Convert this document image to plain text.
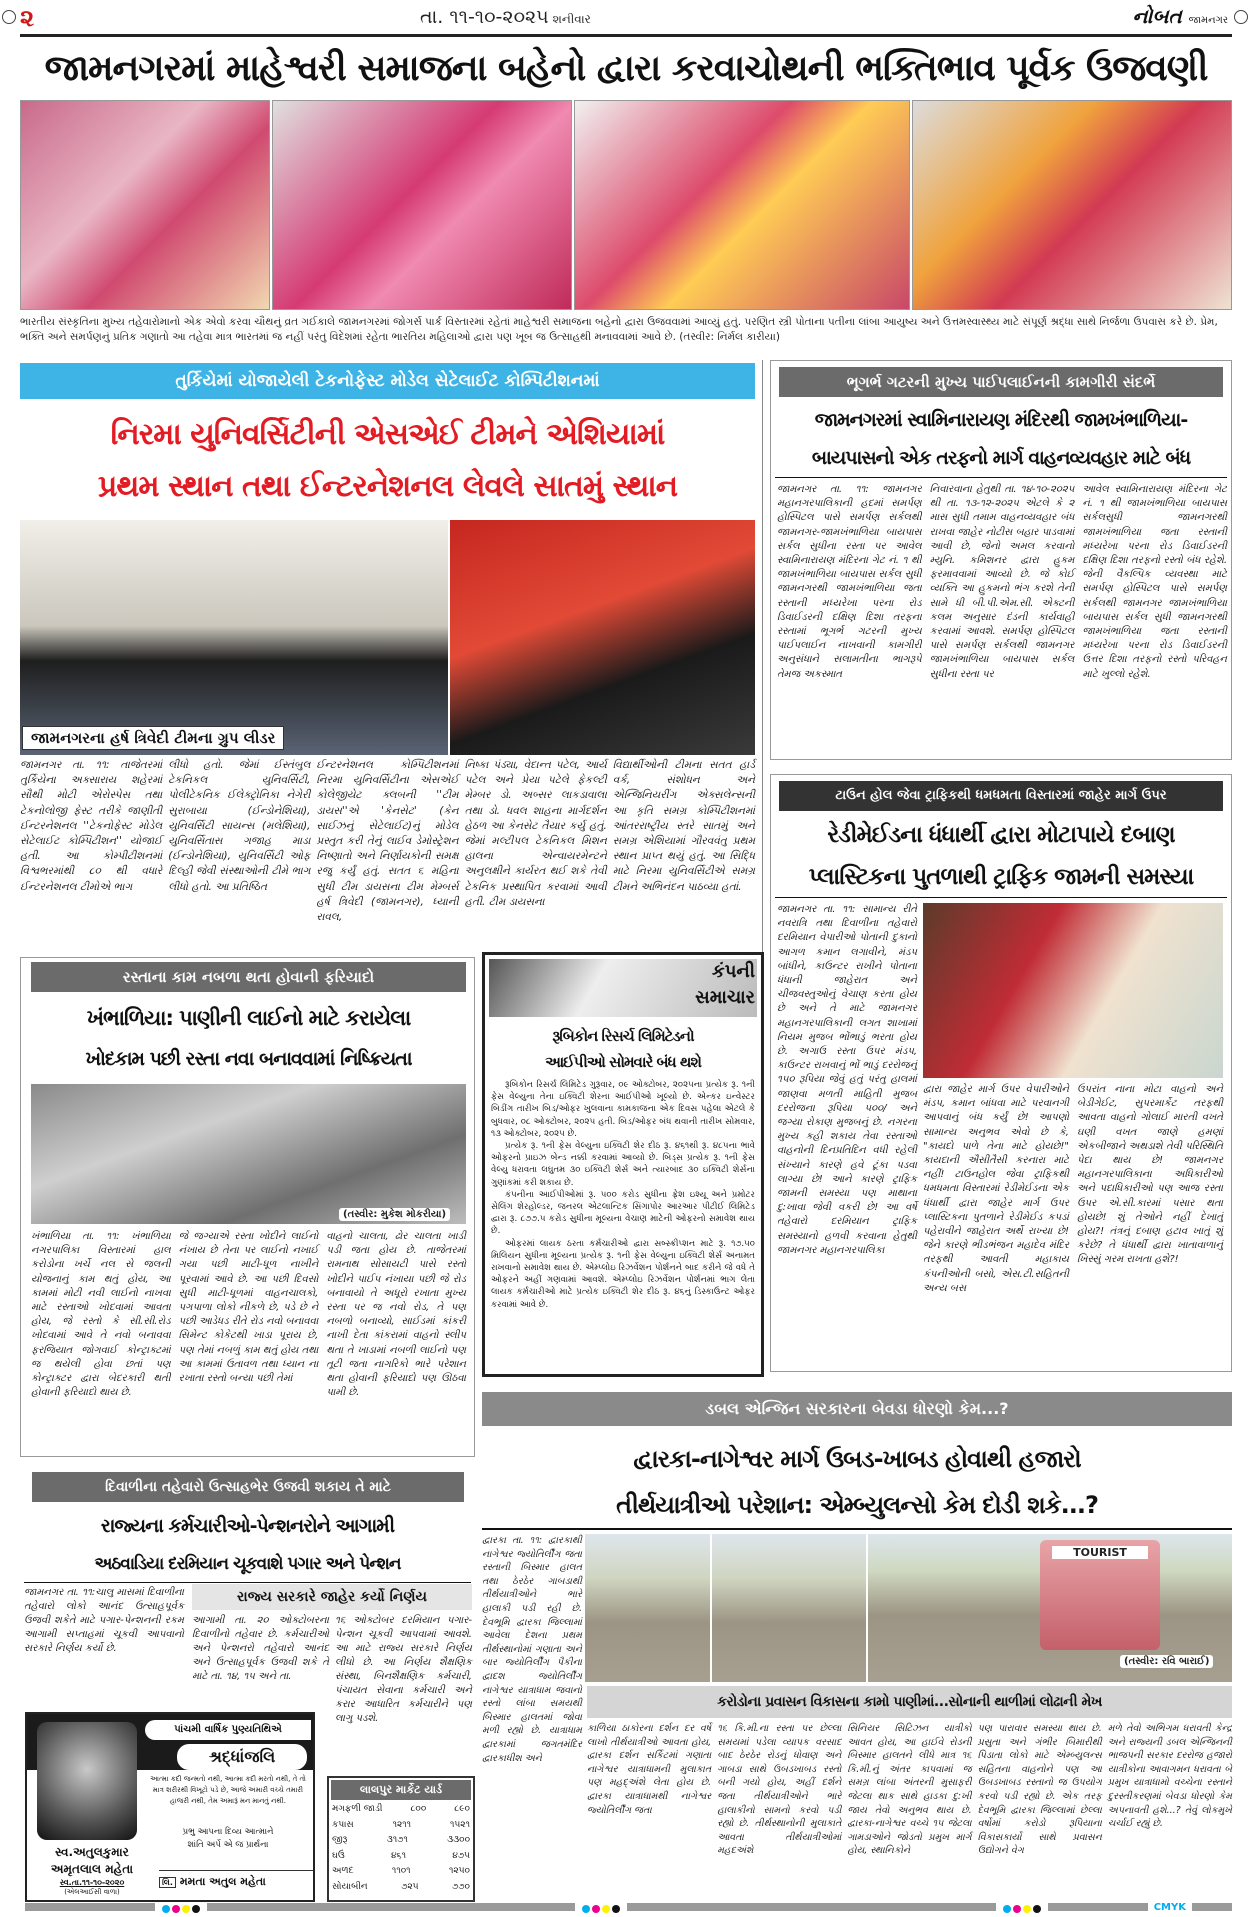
૨	તા. ૧૧-૧૦-૨૦૨૫ શનીવાર	નોબત જામનગર
જામનગરમાં માહેશ્વરી સમાજના બહેનો દ્વારા કરવાચોથની ભક્તિભાવ પૂર્વક ઉજવણી
ભારતીય સંસ્કૃતિના મુખ્ય તહેવારોમાનો એક એવો કરવા ચૌથનું વ્રત ગઈકાલે જામનગરમાં જોગર્સ પાર્ક વિસ્તારમાં રહેતાં માહેશ્વરી સમાજના બહેનો દ્વારા ઉજવવામાં આવ્યું હતું. પરણિત સ્ત્રી પોતાના પતીના લાંબા આયુષ્ય અને ઉત્તમસ્વાસ્થ્ય માટે સંપૂર્ણ શ્રદ્ધા સાથે નિર્જળા ઉપવાસ કરે છે. પ્રેમ, ભક્તિ અને સમર્પણનું પ્રતિક ગણાતો આ તહેવા માત્ર ભારતમાં જ નહીં પરંતુ વિદેશમાં રહેતા ભારતિય મહિલાઓ દ્વારા પણ ખૂબ જ ઉત્સાહથી મનાવવામાં આવે છે. (તસ્વીર: નિર્મલ કારીયા)
તુર્કિયેમાં યોજાયેલી ટેકનોફેસ્ટ મોડેલ સેટેલાઈટ કોમ્પિટીશનમાં
નિરમા યુનિવર્સિટીની એસએઈ ટીમને એશિયામાં
પ્રથમ સ્થાન તથા ઈન્ટરનેશનલ લેવલે સાતમું સ્થાન
જામનગરના હર્ષ ત્રિવેદી ટીમના ગ્રુપ લીડર
જામનગર તા. ૧૧: તાજેતરમાં તુર્કિયેના અક્સારાય શહેરમાં સૌથી મોટી એરોસ્પેસ તથા ટેકનોલોજી ફેસ્ટ તરીકે જાણીતી ઈન્ટરનેશનલ ''ટેકનોફેસ્ટ મોડેલ સેટેલાઈટ કોમ્પિટીશન'' યોજાઈ હતી. આ કોમ્પીટીશનમાં વિશ્વભરમાંથી ૮૦ થી વધારે ઈન્ટરનેશનલ ટીમોએ ભાગ
લીધો હતો. જેમાં ઈસ્તંબુલ ટેકનિકલ યુનિવર્સિટી, પોલીટેકનિક ઈલેક્ટ્રોનિકા નેગેરી સુરાબાયા (ઈન્ડોનેશિયા), યુનિવર્સિટી સાયન્સ (મલેશિયા), યુનિવર્સિતાસ ગજાહ માડા (ઈન્ડોનેશિયા), યુનિવર્સિટી ઓફ દિલ્હી જેવી સંસ્થાઓની ટીમે ભાગ લીધો હતો. આ પ્રતિષ્ઠિત
ઈન્ટરનેશનલ કોમ્પિટીશનમાં નિરમા યુનિવર્સિટીના એસએઈ કોલેજીયેટ ક્લબની ''ટીમ ડાયસ''એ 'કેનસેટ' (કેન સાઈઝનું સેટેલાઈટ)નું મોડેલ પ્રસ્તુત કરી તેનું લાઈવ ડેમોસ્ટ્રેશન નિષ્ણાતો અને નિર્ણાયકોની સમક્ષ રજુ કર્યું હતું. સતત ૬ મહિના સુધી ટીમ ડાયસના ટીમ મેમ્બર્સ હર્ષ ત્રિવેદી (જામનગર), ધ્યાની રાવલ,
નિષ્કા પંડ્યા, વેદાન્ત પટેલ, આર્ય પટેલ અને પ્રેયા પટેલે ફેકલ્ટી મેમ્બર ડો. અબ્સર લાકડાવાલા તથા ડો. ધવલ શાહના માર્ગદર્શન હેઠળ આ કેનસેટ તૈયાર કર્યુ હતું. જેમાં મલ્ટીપલ ટેકનિકલ મિશન હાલના એન્વાયરમેન્ટને અનુલક્ષીને કાર્યરત થઈ શકે તેવી ટેકનિક પ્રસ્થાપિત કરવામાં આવી હતી. ટીમ ડાયસના
વિદ્યાર્થીઓની ટીમના સતત હાર્ડ વર્ક, સંશોધન અને એન્જિનિયરીંગ એક્સલેન્સની આ કૃતિ સમગ્ર કોમ્પિટીશનમાં આંતરરાષ્ટ્રીય સ્તરે સાતમું અને સમગ્ર એશિયામાં ગૌરવવંતુ પ્રથમ સ્થાન પ્રાપ્ત થયું હતું. આ સિદ્ધિ માટે નિરમા યુનિવર્સિટીએ સમગ્ર ટીમને અભિનંદન પાઠવ્યા હતાં.
ભૂગર્ભ ગટરની મુખ્ય પાઈપલાઈનની કામગીરી સંદર્ભે
જામનગરમાં સ્વામિનારાયણ મંદિરથી જામખંભાળિયા-
બાયપાસનો એક તરફનો માર્ગ વાહનવ્યવહાર માટે બંધ
જામનગર તા. ૧૧: જામનગર મહાનગરપાલિકાની હદમાં સમર્પણ હોસ્પિટલ પાસે સમર્પણ સર્કલથી જામનગર-જામખંભાળિયા બાયપાસ સર્કલ સુધીના રસ્તા પર આવેલ સ્વામિનારાયણ મંદિરના ગેટ નં. ૧ થી જામખંભાળિયા બાયપાસ સર્કલ સુધી જામનગરથી જામખંભાળિયા જતા રસ્તાની મધ્યરેખા પરના રોડ ડિવાઈડરની દક્ષિણ દિશા તરફના રસ્તામાં ભૂગર્ભ ગટરની મુખ્ય પાઈપલાઈન નાખવાની કામગીરી અનુસંધાને સલામતીના ભાગરૂપે તેમજ અકસ્માત
નિવારવાના હેતુથી તા. ૧૪-૧૦-૨૦૨૫ થી તા. ૧૩-૧૨-૨૦૨૫ એટલે કે ૨ માસ સુધી તમામ વાહનવ્યવહાર બંધ રાખવા જાહેર નોટીસ બહાર પાડવામાં આવી છે, જેનો અમલ કરવાનો મ્યુનિ. કમિશનર દ્વારા હુકમ ફરમાવવામાં આવ્યો છે. જે કોઈ વ્યક્તિ આ હુકમનો ભંગ કરશે તેની સામે ધી બી.પી.એમ.સી. એક્ટની કલમ અનુસાર દંડની કાર્યવાહી કરવામાં આવશે. સમર્પણ હોસ્પિટલ પાસે સમર્પણ સર્કલથી જામનગર જામખંભાળિયા બાયપાસ સર્કલ સુધીના રસ્તા પર
આવેલ સ્વામિનારાયણ મંદિરના ગેટ નં. ૧ થી જામખંભાળિયા બાયપાસ સર્કલસુધી જામનગરથી જામખંભાળિયા જતા રસ્તાની મધ્યરેખા પરના રોડ ડિવાઈડરની દક્ષિણ દિશા તરફનો રસ્તો બંધ રહેશે. જેની વૈકલ્પિક વ્યવસ્થા માટે સમર્પણ હોસ્પિટલ પાસે સમર્પણ સર્કલથી જામનગર જામખંભાળિયા બાયપાસ સર્કલ સુધી જામનગરથી જામખંભાળિયા જતા રસ્તાની મધ્યરેખા પરના રોડ ડિવાઈડરની ઉત્તર દિશા તરફનો રસ્તો પરિવહન માટે ખુલ્લો રહેશે.
ટાઉન હોલ જેવા ટ્રાફિકથી ધમધમતા વિસ્તારમાં જાહેર માર્ગ ઉપર
રેડીમેઈડના ધંધાર્થી દ્વારા મોટાપાયે દબાણ
પ્લાસ્ટિકના પુતળાથી ટ્રાફિક જામની સમસ્યા
જામનગર તા. ૧૧: સામાન્ય રીતે નવરાત્રિ તથા દિવાળીના તહેવારો દરમિયાન વેપારીઓ પોતાની દુકાનો આગળ કમાન લગાવીને, મંડપ બાંધીને, કાઉન્ટર રાખીને પોતાના ધંધાની જાહેરાત અને ચીજવસ્તુઓનું વેચાણ કરતા હોય છે અને તે માટે જામનગર મહાનગરપાલિકાની લગત શાખામાં નિયમ મુજબ ભોંભાડું ભરતા હોય છે. અગાઉ રસ્તા ઉપર મંડપ, કાઉન્ટર રાખવાનું ભોં ભાડું દરરોજનું ૧૫૦ રૂપિયા જેવું હતું પરંતુ હાલમાં જાણવા મળતી માહિતી મુજબ દરરોજના રૂપિયા ૫૦૦/ અને જગ્યા રોકાણ મુજબનું છે. નગરના મુખ્ય કહી શકાય તેવા રસ્તાઓ વાહનોની દિનપ્રતિદિન વધી રહેલી સંખ્યાને કારણે હવે ટૂંકા પડવા લાગ્યા છે! આને કારણે ટ્રાફિક જામની સમસ્યા પણ માથાના દુ:ખાવા જેવી વકરી છે! આ વર્ષે તહેવારો દરમિયાન ટ્રાફિક સમસ્યાનો હળવી કરવાના હેતુથી જામનગર મહાનગરપાલિકા
દ્વારા જાહેર માર્ગ ઉપર વેપારીઓને મંડપ, કમાન બાંધવા માટે પરવાનગી આપવાનું બંધ કર્યું છે! આપણો સામાન્ય અનુભવ એવો છે કે, "કાયદો પાળે તેના માટે હોયછે!" કાયદાની ઐસીતૈસી કરનારા માટે નહીં! ટાઉનહોલ જેવા ટ્રાફિકથી ધમધમતા વિસ્તારમાં રેડીમેઈડના એક ધંધાર્થી દ્વારા જાહેર માર્ગ ઉપર પ્લાસ્ટિકના પુતળાને રેડીમેઈડ કપડાં પહેરાવીને જાહેરાત અર્થે રાખ્યા છે! જેને કારણે ભીડભંજન મહાદેવ મંદિર તરફથી આવતી મહાકાય કંપનીઓની બસો, એસ.ટી.સહિતની અન્ય બસ
ઉપરાંત નાના મોટા વાહનો અને બેડીગેઈટ, સુપરમાર્કેટ તરફથી આવતા વાહનો ગોલાઈ મારતી વખતે ઘણી વખત જાણે હમણાં એકબીજાને અથડાશે તેવી પરિસ્થિતિ પેદા થાય છે! જામનગર મહાનગરપાલિકાના અધિકારીઓ અને પદાધિકારીઓ પણ આજ રસ્તા ઉપર એ.સી.કારમાં પસાર થતા હોયછે! શું તેઓને નહીં દેખાતું હોય?! તંત્રનું દબાણ હટાવ ખાતું શું કરેછે? તે ધંધાર્થી દ્વારા ખાતાવાળાનું ખિસ્સું ગરમ રાખતા હશે?!
રસ્તાના કામ નબળા થતા હોવાની ફરિયાદો
ખંભાળિયા: પાણીની લાઈનો માટે કરાયેલા
ખોદકામ પછી રસ્તા નવા બનાવવામાં નિષ્ક્રિયતા
(તસ્વીર: મુકેશ મોકરીયા)
ખંભાળિયા તા. ૧૧: ખંભાળિયા નગરપાલિકા વિસ્તારમાં હાલ કરોડોના ખર્ચે નલ સે જલની યોજનાનું કામ થતું હોય, આ કામમાં મોટી નવી લાઈનો નાખવા માટે રસ્તાઓ ખોદવામાં આવતા હોય, જે રસ્તો કે સી.સી.રોડ ખોદવામાં આવે તે નવો બનાવવા ફરજિયાત જોગવાઈ કોન્ટ્રાક્ટમાં જ થયેલી હોવા છતાં પણ કોન્ટ્રાક્ટર દ્વારા બેદરકારી થતી હોવાની ફરિયાદો થાય છે.
જે જગ્યાએ રસ્તા ખોદીને લાઈનો નંખાય છે તેના પર લાઈનો નખાઈ ગયા પછી માટી-ધૂળ નાખીને પૂરવામાં આવે છે. આ પછી દિવસો સુધી માટી-ધૂળમાં વાહનચાલકો, પગપાળા લોકો નીકળે છે, પડે છે ને પછી આડેધડ રીતે રોડ નવો બનાવવા સિમેન્ટ કોકેટથી ખાડા પૂરાય છે, પણ તેમાં નબળું કામ થતું હોય તથા આ કામમાં ઉતાવળ તથા ધ્યાન ના રખાતા રસ્તો બન્યા પછી તેમાં
વાહનો ચાલતા, ઢોર ચાલતા ખાડી પડી જતા હોય છે. તાજેતરમાં રામનાથ સોસાયટી પાસે રસ્તો ખોદીને પાઈપ નંખાયા પછી જે રોડ બનાવાયો તે અધૂરો રખાતા મુખ્ય રસ્તા પર જ નવો રોડ, તે પણ નબળો બનાવ્યો, સાઈડમાં કાંકરી નાખી દેતા કાંકરામાં વાહનો સ્લીપ થતા તે ખાડામાં નબળી લાઈનો પણ તૂટી જતા નાગરિકો ભારે પરેશાન થતા હોવાની ફરિયાદો પણ ઊઠવા પામી છે.
કંપની
સમાચાર
રૂબિકોન રિસર્ચ લિમિટેડનો
આઈપીઓ સોમવારે બંધ થશે

રૂબિકોન રિસર્ચ લિમિટેડ ગુરૂવાર, ૦૯ ઓક્ટોબર, ૨૦૨૫ના પ્રત્યેક રૂ. ૧ની ફેસ વેલ્યુના તેના ઇક્વિટી શેરના આઈપીઓ ખૂલ્યો છે. એન્કર ઇન્વેસ્ટર બિડીંગ તારીખ બિડ/ઓફર ખુલવાના કામકાજના એક દિવસ પહેલા એટલે કે બુધવાર, ૦૮ ઓક્ટોબર, ૨૦૨૫ હતી. બિડ/ઓફર બંધ થવાની તારીખ સોમવાર, ૧૩ ઓક્ટોબર, ૨૦૨૫ છે.

પ્રત્યેક રૂ. ૧ની ફેસ વેલ્યુના ઇક્વિટી શેર દીઠ રૂ. ૪૬૧થી રૂ. ૪૮૫ના ભાવે ઓફરનો પ્રાઇઝ બેન્ડ નક્કી કરવામાં આવ્યો છે. બિડ્સ પ્રત્યેક રૂ. ૧ની ફેસ વેલ્યુ ધરાવતા લઘુતમ ૩૦ ઇક્વિટી શેર્સ અને ત્યારબાદ ૩૦ ઇક્વિટી શેર્સના ગુણાંકમાં કરી શકાય છે.

કંપનીના આઈપીઓમાં રૂ. ૫૦૦ કરોડ સુધીના ફ્રેશ ઇશ્યૂ અને પ્રમોટર સેલિંગ શેરહોલ્ડર, જનરલ એટલાન્ટિક સિંગાપોર આરઆર પીટીઈ લિમિટેડ દ્વારા રૂ. ૮૭૭.૫ કરોડ સુધીના મૂલ્યના વેચાણ માટેની ઓફરનો સમાવેશ થાય છે.

ઓફરમાં લાયક ઠરતા કર્મચારીઓ દ્વારા સબ્સ્ક્રીપ્શન માટે રૂ. ૧૭.૫૦ મિલિયન સુધીના મૂલ્યના પ્રત્યેક રૂ. ૧ની ફેસ વેલ્યુના ઇક્વિટી શેર્સ અનામત રાખવાનો સમાવેશ થાય છે. એમ્પ્લોઇ રિઝર્વેશન પોર્શનને બાદ કરીને જે વધે તે ઓફરને અહીં ગણવામાં આવશે. એમ્પ્લોઇ રિઝર્વેશન પોર્શનમાં ભાગ લેતા લાયક કર્મચારીઓ માટે પ્રત્યેક ઇક્વિટી શેર દીઠ રૂ. ૪૬નું ડિસ્કાઉન્ટ ઓફર કરવામાં આવે છે.

દિવાળીના તહેવારો ઉત્સાહભેર ઉજવી શકાય તે માટે
રાજ્યના કર્મચારીઓ-પેન્શનરોને આગામી
અઠવાડિયા દરમિયાન ચૂકવાશે પગાર અને પેન્શન
જામનગર તા. ૧૧:ચાલુ માસમાં દિવાળીના તહેવારો લોકો આનંદ ઉત્સાહપૂર્વક ઉજવી શકેતે માટે પગાર-પેન્શનની રકમ આગામી સપ્તાહમાં ચૂકવી આપવાનો સરકારે નિર્ણય કર્યો છે.
રાજ્ય સરકારે જાહેર કર્યો નિર્ણય
આગામી તા. ૨૦ ઓક્ટોબરના દિવાળીનો તહેવાર છે. કર્મચારીઓ અને પેન્શનરો તહેવારો આનંદ અને ઉત્સાહપૂર્વક ઉજવી શકે તે માટે તા. ૧૪, ૧૫ અને તા.
૧૬ ઓક્ટોબર દરમિયાન પગાર-પેન્શન ચૂકવી આપવામાં આવશે. આ માટે રાજ્ય સરકારે નિર્ણય લીધો છે. આ નિર્ણય શૈક્ષણિક સંસ્થા, બિનશૈક્ષણિક કર્મચારી, પંચાયત સેવાના કર્મચારી અને કરાર આધારિત કર્મચારીને પણ લાગુ પડશે.
પાંચમી વાર્ષિક પુણ્યતિથિએ
શ્રદ્ધાંજલિ
આત્મા કદી જન્મતો નથી, આત્મા કદી મરતો નથી, તે તો માત્ર શરીરથી વિખૂટો પડે છે, આજે અમારી વચ્ચે તમારી હાજરી નથી, તેમ અમારૂં મન માનતું નથી.
પ્રભુ આપના દિવ્ય આત્માને
શાંતિ અર્પે એ જ પ્રાર્થના
સ્વ.અતુલકુમાર
અમૃતલાલ મહેતા
સ્વ.તા.૧૧-૧૦-૨૦૨૦
(એલઆઈસી વાળા)
લિ. મમતા અતુલ મહેતા
લાલપુર માર્કેટ યાર્ડ
મગફળી જાડી	૮૦૦	૮૯૦
કપાસ	૧૨૧૧	૧૫૨૧
જીરૂ	૩૧૭૧	૩૩૦૦
ઘઉં	૪૬૧	૪૭૫
અળદ	૧૧૦૧	૧૨૫૦
સોયાબીન	૭૨૫	૭૭૦
ડબલ એન્જિન સરકારના બેવડા ધોરણો કેમ...?
દ્વારકા-નાગેશ્વર માર્ગ ઉબડ-ખાબડ હોવાથી હજારો
તીર્થયાત્રીઓ પરેશાન: એમ્બ્યુલન્સો કેમ દોડી શકે...?
દ્વારકા તા. ૧૧: દ્વારકાથી નાગેશ્વર જ્યોતિર્લીંગ જતા રસ્તાની બિસ્માર હાલત તથા ઠેરઠેર ગાબડાથી તીર્થયાત્રીઓને ભારે હાલાકી પડી રહી છે. દેવભૂમિ દ્વારકા જિલ્લામાં આવેલા દેશના પ્રથમ તીર્થસ્થાનોમાં ગણાતા અને બાર જ્યોતિર્લીંગ પૈકીના દ્વાદશ જ્યોતિર્લીંગ નાગેશ્વર યાત્રાધામ જવાનો રસ્તો લાંબા સમયથી બિસ્માર હાલતમાં જોવા મળી રહ્યો છે. યાત્રાધામ દ્વારકામાં જગતમંદિર દ્વારકાધીશ અને
TOURIST
(તસ્વીર: રવિ બારાઈ)
કરોડોના પ્રવાસન વિકાસના કામો પાણીમાં...સોનાની થાળીમાં લોઢાની મેખ
કાળિયા ઠાકોરના દર્શન દર વર્ષે લાખો તીર્થયાત્રીઓ આવતા હોય, દ્વારકા દર્શન સર્કિટમાં ગણાતા નાગેશ્વર યાત્રાધામની મુલાકાત પણ મહદ્અંશે લેતા હોય છે. દ્વારકા યાત્રાધામથી નાગેશ્વર જ્યોતિર્લીંગ જતા
૧૬ કિ.મી.ના રસ્તા પર છેલ્લા સમયમાં પડેલા વ્યાપક વરસાદ બાદ ઠેરઠેર રોડનું ધોવાણ અને ગાબડા સાથે ઉબડખાબડ રસ્તો બની ગયો હોય, અહીં દર્શને જતા તીર્થયાત્રીઓને ભારે હાલાકીનો સામનો કરવો પડી રહ્યો છે. તીર્થસ્થાનોની મુલાકાતે આવતા તીર્થયાત્રીઓમાં મહદઅંશે
સિનિયર સિટિઝન યાત્રીકો આવત હોય, આ હાઈવે રોડની બિસ્માર હાલતને લીધે માત્ર ૧૬ કિ.મી.નું અંતર કાપવામાં જ સમગ્ર લાંબા અંતરની મુસાફરી જેટલા થાક સાથે હાડકા દુ:ખી જાય તેવો અનુભવ થાય છે. દ્વારકા-નાગેશ્વર વચ્ચે ૧૫ જેટલા ગામડાઓને જોડતો પ્રમુખ માર્ગ હોય, સ્થાનિકોને
પણ પારાવાર સમસ્યા થાય છે. પ્રસુતા અને ગંભીર બિમારીથી પિડાતા લોકો માટે એમ્બ્યુલન્સ સહિતના વાહનોને પણ આ ઉબડખાબડ રસ્તાનો જ ઉપયોગ કરવો પડી રહ્યો છે. એક તરફ દેવભૂમિ દ્વારકા જિલ્લામાં છેલ્લા વર્ષોમાં કરોડો રૂપિયાના વિકાસકાર્યો સાથે પ્રવાસન ઉદ્યોગને વેગ
મળે તેવો અભિગમ ધરાવતી કેન્દ્ર અને રાજ્યની ડબલ એન્જિનની ભાજપની સરકાર દરરોજ હજારો યાત્રીકોના આવાગમન ધરાવતા બે પ્રમુખ યાત્રાધામો વચ્ચેના રસ્તાને દુરસ્તીકરણમાં બેવડા ધોરણો કેમ અપનાવતી હશે...? તેવું લોકમુખે ચર્ચાઈ રહ્યું છે.
CMYK
